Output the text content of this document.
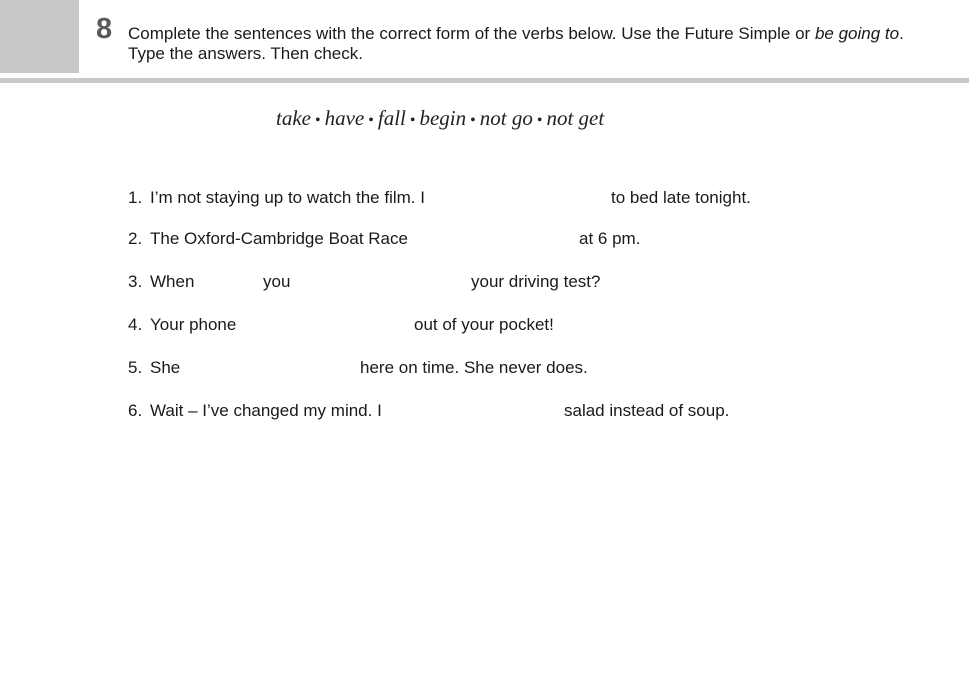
8 Complete the sentences with the correct form of the verbs below. Use the Future Simple or be going to. Type the answers. Then check.
take • have • fall • begin • not go • not get
1. I’m not staying up to watch the film. I	to bed late tonight.
2. The Oxford-Cambridge Boat Race	at 6 pm.
3. When	you	your driving test?
4. Your phone	out of your pocket!
5. She	here on time. She never does.
6. Wait – I’ve changed my mind. I	salad instead of soup.
